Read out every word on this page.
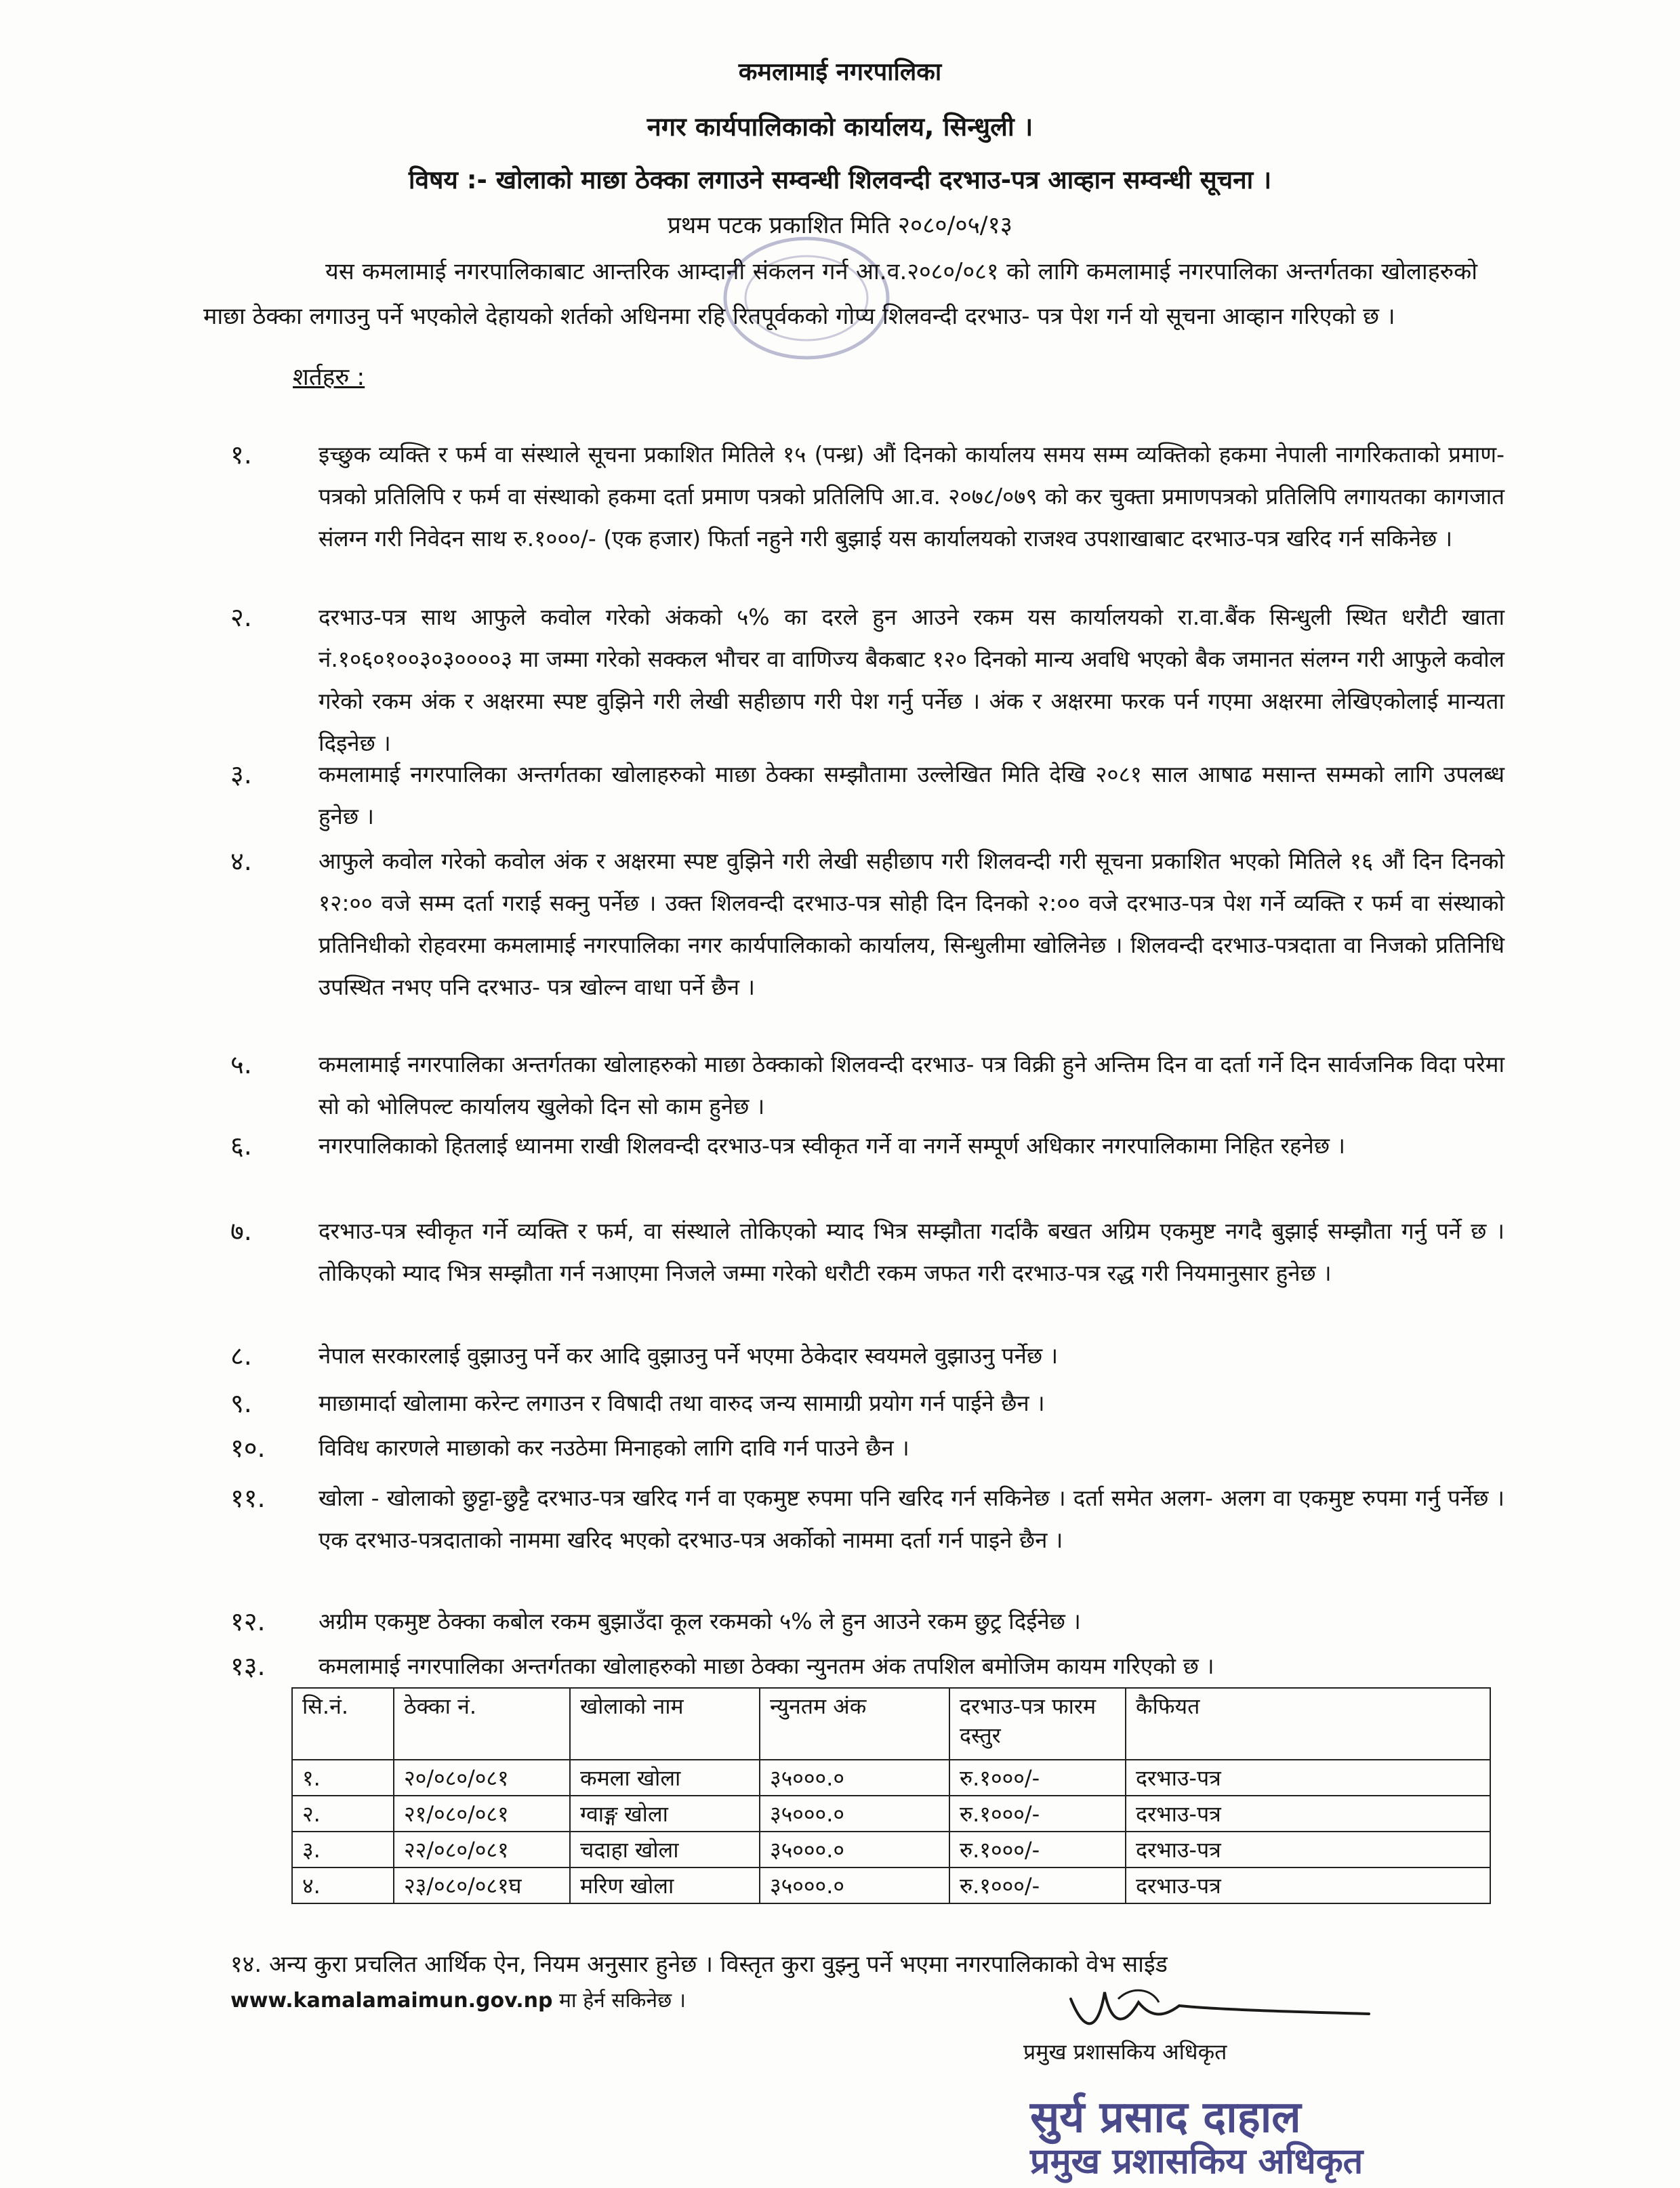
कमलामाई नगरपालिका
नगर कार्यपालिकाको कार्यालय, सिन्धुली ।
विषय :- खोलाको माछा ठेक्का लगाउने सम्वन्धी शिलवन्दी दरभाउ-पत्र आव्हान सम्वन्धी सूचना ।
प्रथम पटक प्रकाशित मिति २०८०/०५/१३
यस कमलामाई नगरपालिकाबाट आन्तरिक आम्दानी संकलन गर्न आ.व.२०८०/०८१ को लागि कमलामाई नगरपालिका अन्तर्गतका खोलाहरुको माछा ठेक्का लगाउनु पर्ने भएकोले देहायको शर्तको अधिनमा रहि रितपूर्वकको गोप्य शिलवन्दी दरभाउ- पत्र पेश गर्न यो सूचना आव्हान गरिएको छ ।
शर्तहरु :
१.	इच्छुक व्यक्ति र फर्म वा संस्थाले सूचना प्रकाशित मितिले १५ (पन्ध्र) औं दिनको कार्यालय समय सम्म व्यक्तिको हकमा नेपाली नागरिकताको प्रमाण-पत्रको प्रतिलिपि र फर्म वा संस्थाको हकमा दर्ता प्रमाण पत्रको प्रतिलिपि आ.व. २०७८/०७९ को कर चुक्ता प्रमाणपत्रको प्रतिलिपि लगायतका कागजात संलग्न गरी निवेदन साथ रु.१०००/- (एक हजार) फिर्ता नहुने गरी बुझाई यस कार्यालयको राजश्व उपशाखाबाट दरभाउ-पत्र खरिद गर्न सकिनेछ ।
२.	दरभाउ-पत्र साथ आफुले कवोल गरेको अंकको ५% का दरले हुन आउने रकम यस कार्यालयको रा.वा.बैंक सिन्धुली स्थित धरौटी खाता नं.१०६०१००३०३००००३ मा जम्मा गरेको सक्कल भौचर वा वाणिज्य बैकबाट १२० दिनको मान्य अवधि भएको बैक जमानत संलग्न गरी आफुले कवोल गरेको रकम अंक र अक्षरमा स्पष्ट वुझिने गरी लेखी सहीछाप गरी पेश गर्नु पर्नेछ । अंक र अक्षरमा फरक पर्न गएमा अक्षरमा लेखिएकोलाई मान्यता दिइनेछ ।
३.	कमलामाई नगरपालिका अन्तर्गतका खोलाहरुको माछा ठेक्का सम्झौतामा उल्लेखित मिति देखि २०८१ साल आषाढ मसान्त सम्मको लागि उपलब्ध हुनेछ ।
४.	आफुले कवोल गरेको कवोल अंक र अक्षरमा स्पष्ट वुझिने गरी लेखी सहीछाप गरी शिलवन्दी गरी सूचना प्रकाशित भएको मितिले १६ औं दिन दिनको १२:०० वजे सम्म दर्ता गराई सक्नु पर्नेछ । उक्त शिलवन्दी दरभाउ-पत्र सोही दिन दिनको २:०० वजे दरभाउ-पत्र पेश गर्ने व्यक्ति र फर्म वा संस्थाको प्रतिनिधीको रोहवरमा कमलामाई नगरपालिका नगर कार्यपालिकाको कार्यालय, सिन्धुलीमा खोलिनेछ । शिलवन्दी दरभाउ-पत्रदाता वा निजको प्रतिनिधि उपस्थित नभए पनि दरभाउ- पत्र खोल्न वाधा पर्ने छैन ।
५.	कमलामाई नगरपालिका अन्तर्गतका खोलाहरुको माछा ठेक्काको शिलवन्दी दरभाउ- पत्र विक्री हुने अन्तिम दिन वा दर्ता गर्ने दिन सार्वजनिक विदा परेमा सो को भोलिपल्ट कार्यालय खुलेको दिन सो काम हुनेछ ।
६.	नगरपालिकाको हितलाई ध्यानमा राखी शिलवन्दी दरभाउ-पत्र स्वीकृत गर्ने वा नगर्ने सम्पूर्ण अधिकार नगरपालिकामा निहित रहनेछ ।
७.	दरभाउ-पत्र स्वीकृत गर्ने व्यक्ति र फर्म, वा संस्थाले तोकिएको म्याद भित्र सम्झौता गर्दाकै बखत अग्रिम एकमुष्ट नगदै बुझाई सम्झौता गर्नु पर्ने छ । तोकिएको म्याद भित्र सम्झौता गर्न नआएमा निजले जम्मा गरेको धरौटी रकम जफत गरी दरभाउ-पत्र रद्ध गरी नियमानुसार हुनेछ ।
८.	नेपाल सरकारलाई वुझाउनु पर्ने कर आदि वुझाउनु पर्ने भएमा ठेकेदार स्वयमले वुझाउनु पर्नेछ ।
९.	माछामार्दा खोलामा करेन्ट लगाउन र विषादी तथा वारुद जन्य सामाग्री प्रयोग गर्न पाईने छैन ।
१०.	विविध कारणले माछाको कर नउठेमा मिनाहको लागि दावि गर्न पाउने छैन ।
११.	खोला - खोलाको छुट्टा-छुट्टै दरभाउ-पत्र खरिद गर्न वा एकमुष्ट रुपमा पनि खरिद गर्न सकिनेछ । दर्ता समेत अलग- अलग वा एकमुष्ट रुपमा गर्नु पर्नेछ । एक दरभाउ-पत्रदाताको नाममा खरिद भएको दरभाउ-पत्र अर्कोको नाममा दर्ता गर्न पाइने छैन ।
१२.	अग्रीम एकमुष्ट ठेक्का कबोल रकम बुझाउँदा कूल रकमको ५% ले हुन आउने रकम छुट्र दिईनेछ ।
१३.	कमलामाई नगरपालिका अन्तर्गतका खोलाहरुको माछा ठेक्का न्युनतम अंक तपशिल बमोजिम कायम गरिएको छ ।
सि.नं.	ठेक्का नं.	खोलाको नाम	न्युनतम अंक	दरभाउ-पत्र फारम दस्तुर	कैफियत
१.	२०/०८०/०८१	कमला खोला	३५०००.०	रु.१०००/-	दरभाउ-पत्र
२.	२१/०८०/०८१	ग्वाङ्ग खोला	३५०००.०	रु.१०००/-	दरभाउ-पत्र
३.	२२/०८०/०८१	चदाहा खोला	३५०००.०	रु.१०००/-	दरभाउ-पत्र
४.	२३/०८०/०८१घ	मरिण खोला	३५०००.०	रु.१०००/-	दरभाउ-पत्र
१४. अन्य कुरा प्रचलित आर्थिक ऐन, नियम अनुसार हुनेछ । विस्तृत कुरा वुझ्नु पर्ने भएमा नगरपालिकाको वेभ साईड
www.kamalamaimun.gov.np मा हेर्न सकिनेछ ।
प्रमुख प्रशासकिय अधिकृत
सुर्य प्रसाद दाहाल
प्रमुख प्रशासकिय अधिकृत
